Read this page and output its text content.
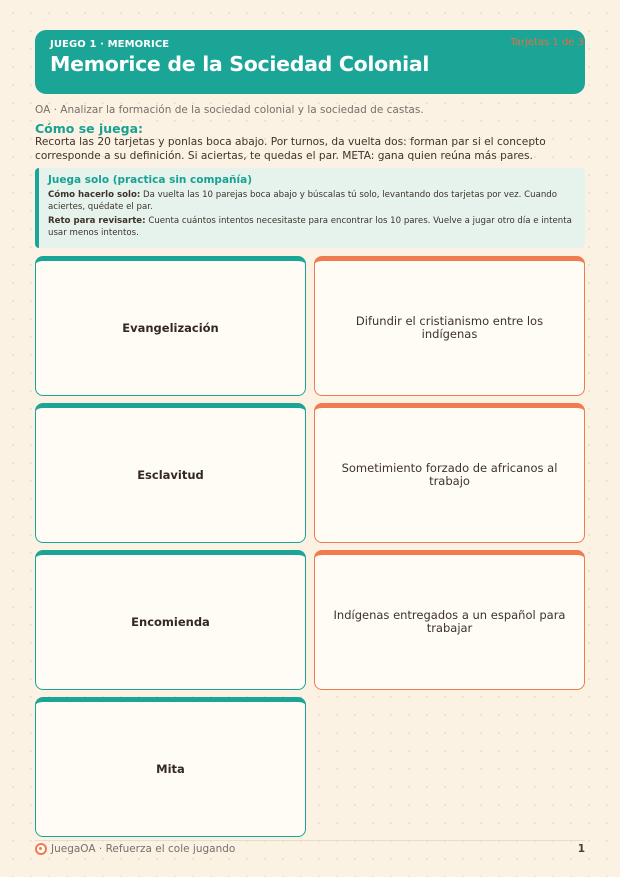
JUEGO 1 · MEMORICE
Memorice de la Sociedad Colonial
Tarjetas 1 de 3
OA · Analizar la formación de la sociedad colonial y la sociedad de castas.
Cómo se juega:
Recorta las 20 tarjetas y ponlas boca abajo. Por turnos, da vuelta dos: forman par si el concepto corresponde a su definición. Si aciertas, te quedas el par. META: gana quien reúna más pares.
Juega solo (practica sin compañía)

Cómo hacerlo solo: Da vuelta las 10 parejas boca abajo y búscalas tú solo, levantando dos tarjetas por vez. Cuando aciertes, quédate el par.

Reto para revisarte: Cuenta cuántos intentos necesitaste para encontrar los 10 pares. Vuelve a jugar otro día e intenta usar menos intentos.

Evangelización	Difundir el cristianismo entre los indígenas
Esclavitud	Sometimiento forzado de africanos al trabajo
Encomienda	Indígenas entregados a un español para trabajar
Mita
JuegaOA · Refuerza el cole jugando	1
